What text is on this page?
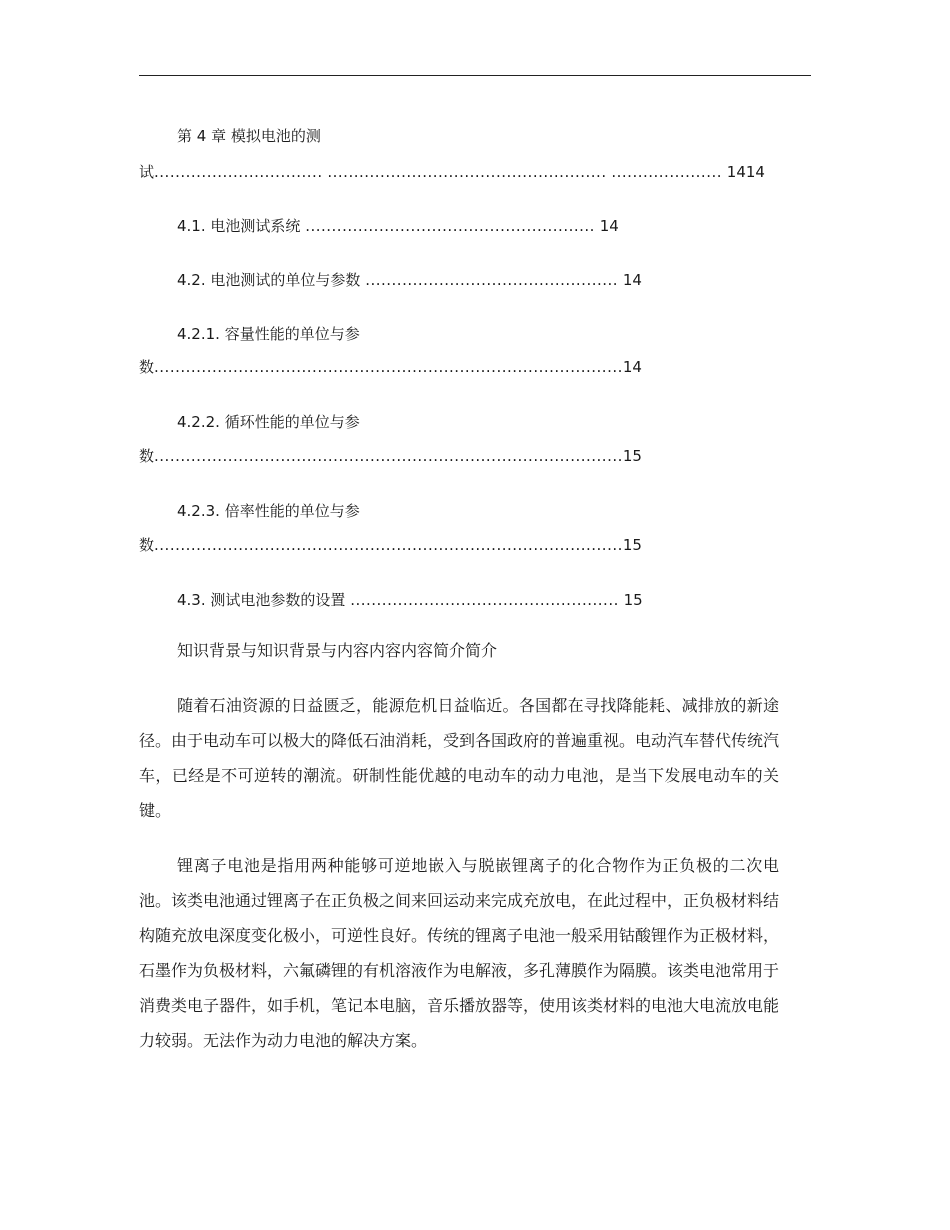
第 4 章 模拟电池的测
试................................ ..................................................... ..................... 1414
4.1. 电池测试系统 ....................................................... 14
4.2. 电池测试的单位与参数 ................................................ 14
4.2.1. 容量性能的单位与参
数.........................................................................................14
4.2.2. 循环性能的单位与参
数.........................................................................................15
4.2.3. 倍率性能的单位与参
数.........................................................................................15
4.3. 测试电池参数的设置 ................................................... 15
知识背景与知识背景与内容内容内容简介简介

随着石油资源的日益匮乏，能源危机日益临近。各国都在寻找降能耗、减排放的新途径。由于电动车可以极大的降低石油消耗，受到各国政府的普遍重视。电动汽车替代传统汽车，已经是不可逆转的潮流。研制性能优越的电动车的动力电池，是当下发展电动车的关键。

锂离子电池是指用两种能够可逆地嵌入与脱嵌锂离子的化合物作为正负极的二次电池。该类电池通过锂离子在正负极之间来回运动来完成充放电，在此过程中，正负极材料结构随充放电深度变化极小，可逆性良好。传统的锂离子电池一般采用钴酸锂作为正极材料，石墨作为负极材料，六氟磷锂的有机溶液作为电解液，多孔薄膜作为隔膜。该类电池常用于消费类电子器件，如手机，笔记本电脑，音乐播放器等，使用该类材料的电池大电流放电能力较弱。无法作为动力电池的解决方案。
